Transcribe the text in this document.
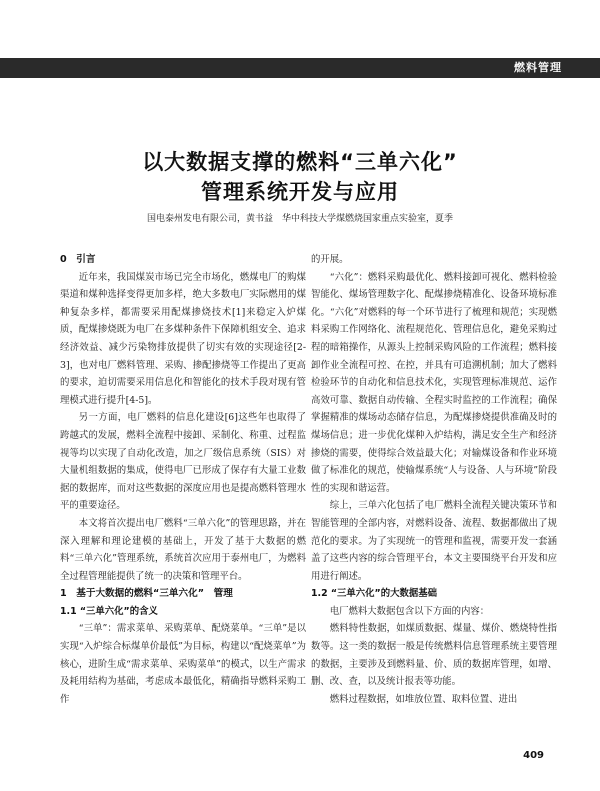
燃料管理
以大数据支撑的燃料“三单六化”
管理系统开发与应用
国电泰州发电有限公司，黄书益　华中科技大学煤燃烧国家重点实验室，夏季
0　引言

近年来，我国煤炭市场已完全市场化，燃煤电厂的购煤渠道和煤种选择变得更加多样，绝大多数电厂实际燃用的煤种复杂多样，都需要采用配煤掺烧技术[1]来稳定入炉煤质，配煤掺烧既为电厂在多煤种条件下保障机组安全、追求经济效益、减少污染物排放提供了切实有效的实现途径[2-3]，也对电厂燃料管理、采购、掺配掺烧等工作提出了更高的要求，迫切需要采用信息化和智能化的技术手段对现有管理模式进行提升[4-5]。

另一方面，电厂燃料的信息化建设[6]这些年也取得了跨越式的发展，燃料全流程中接卸、采制化、称重、过程监视等均以实现了自动化改造，加之厂级信息系统（SIS）对大量机组数据的集成，使得电厂已形成了保存有大量工业数据的数据库，而对这些数据的深度应用也是提高燃料管理水平的重要途径。

本文将首次提出电厂燃料“三单六化”的管理思路，并在深入理解和理论建模的基础上，开发了基于大数据的燃料“三单六化”管理系统，系统首次应用于泰州电厂，为燃料全过程管理能提供了统一的决策和管理平台。

1　基于大数据的燃料“三单六化”　管理
1.1 “三单六化”的含义

“三单”：需求菜单、采购菜单、配烧菜单。“三单”是以实现“入炉综合标煤单价最低”为目标，构建以“配烧菜单”为核心，进阶生成“需求菜单、采购菜单”的模式，以生产需求及耗用结构为基础，考虑成本最低化，精确指导燃料采购工作

的开展。

“六化”：燃料采购最优化、燃料接卸可视化、燃料检验智能化、煤场管理数字化、配煤掺烧精准化、设备环境标准化。“六化”对燃料的每一个环节进行了梳理和规范；实现燃料采购工作网络化、流程规范化、管理信息化，避免采购过程的暗箱操作，从源头上控制采购风险的工作流程；燃料接卸作业全流程可控、在控，并具有可追溯机制；加大了燃料检验环节的自动化和信息技术化，实现管理标准规范、运作高效可靠、数据自动传输、全程实时监控的工作流程；确保掌握精准的煤场动态储存信息，为配煤掺烧提供准确及时的煤场信息；进一步优化煤种入炉结构，满足安全生产和经济掺烧的需要，使得综合效益最大化；对输煤设备和作业环境做了标准化的规范，使输煤系统“人与设备、人与环境”阶段性的实现和谐运营。

综上，三单六化包括了电厂燃料全流程关键决策环节和智能管理的全部内容，对燃料设备、流程、数据都做出了规范化的要求。为了实现统一的管理和监视，需要开发一套涵盖了这些内容的综合管理平台，本文主要围绕平台开发和应用进行阐述。

1.2 “三单六化”的大数据基础

电厂燃料大数据包含以下方面的内容：

燃料特性数据，如煤质数据、煤量、煤价、燃烧特性指数等。这一类的数据一般是传统燃料信息管理系统主要管理的数据，主要涉及到燃料量、价、质的数据库管理，如增、删、改、查，以及统计报表等功能。

燃料过程数据，如堆放位置、取料位置、进出

409
